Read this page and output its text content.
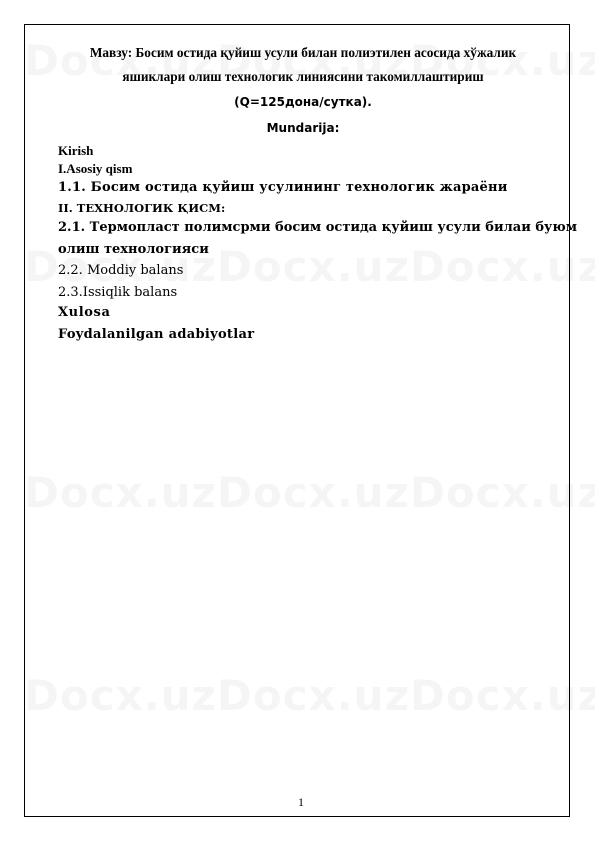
Мавзу: Босим остида қуйиш усули билан полиэтилен асосида хўжалик
яшиклари олиш технологик линиясини такомиллаштириш
(Q=125дона/сутка).
Mundarija:
Kirish
I.Asosiy qism
1.1. Босим остида қуйиш усулининг технологик жараёни
II. ТЕХНОЛОГИК ҚИСМ:
2.1. Термопласт полимсрми босим остида қуйиш усули билаи буюм
олиш технологияси
2.2. Moddiy balans
2.3.Issiqlik balans
Xulosa
Foydalanilgan adabiyotlar
1
